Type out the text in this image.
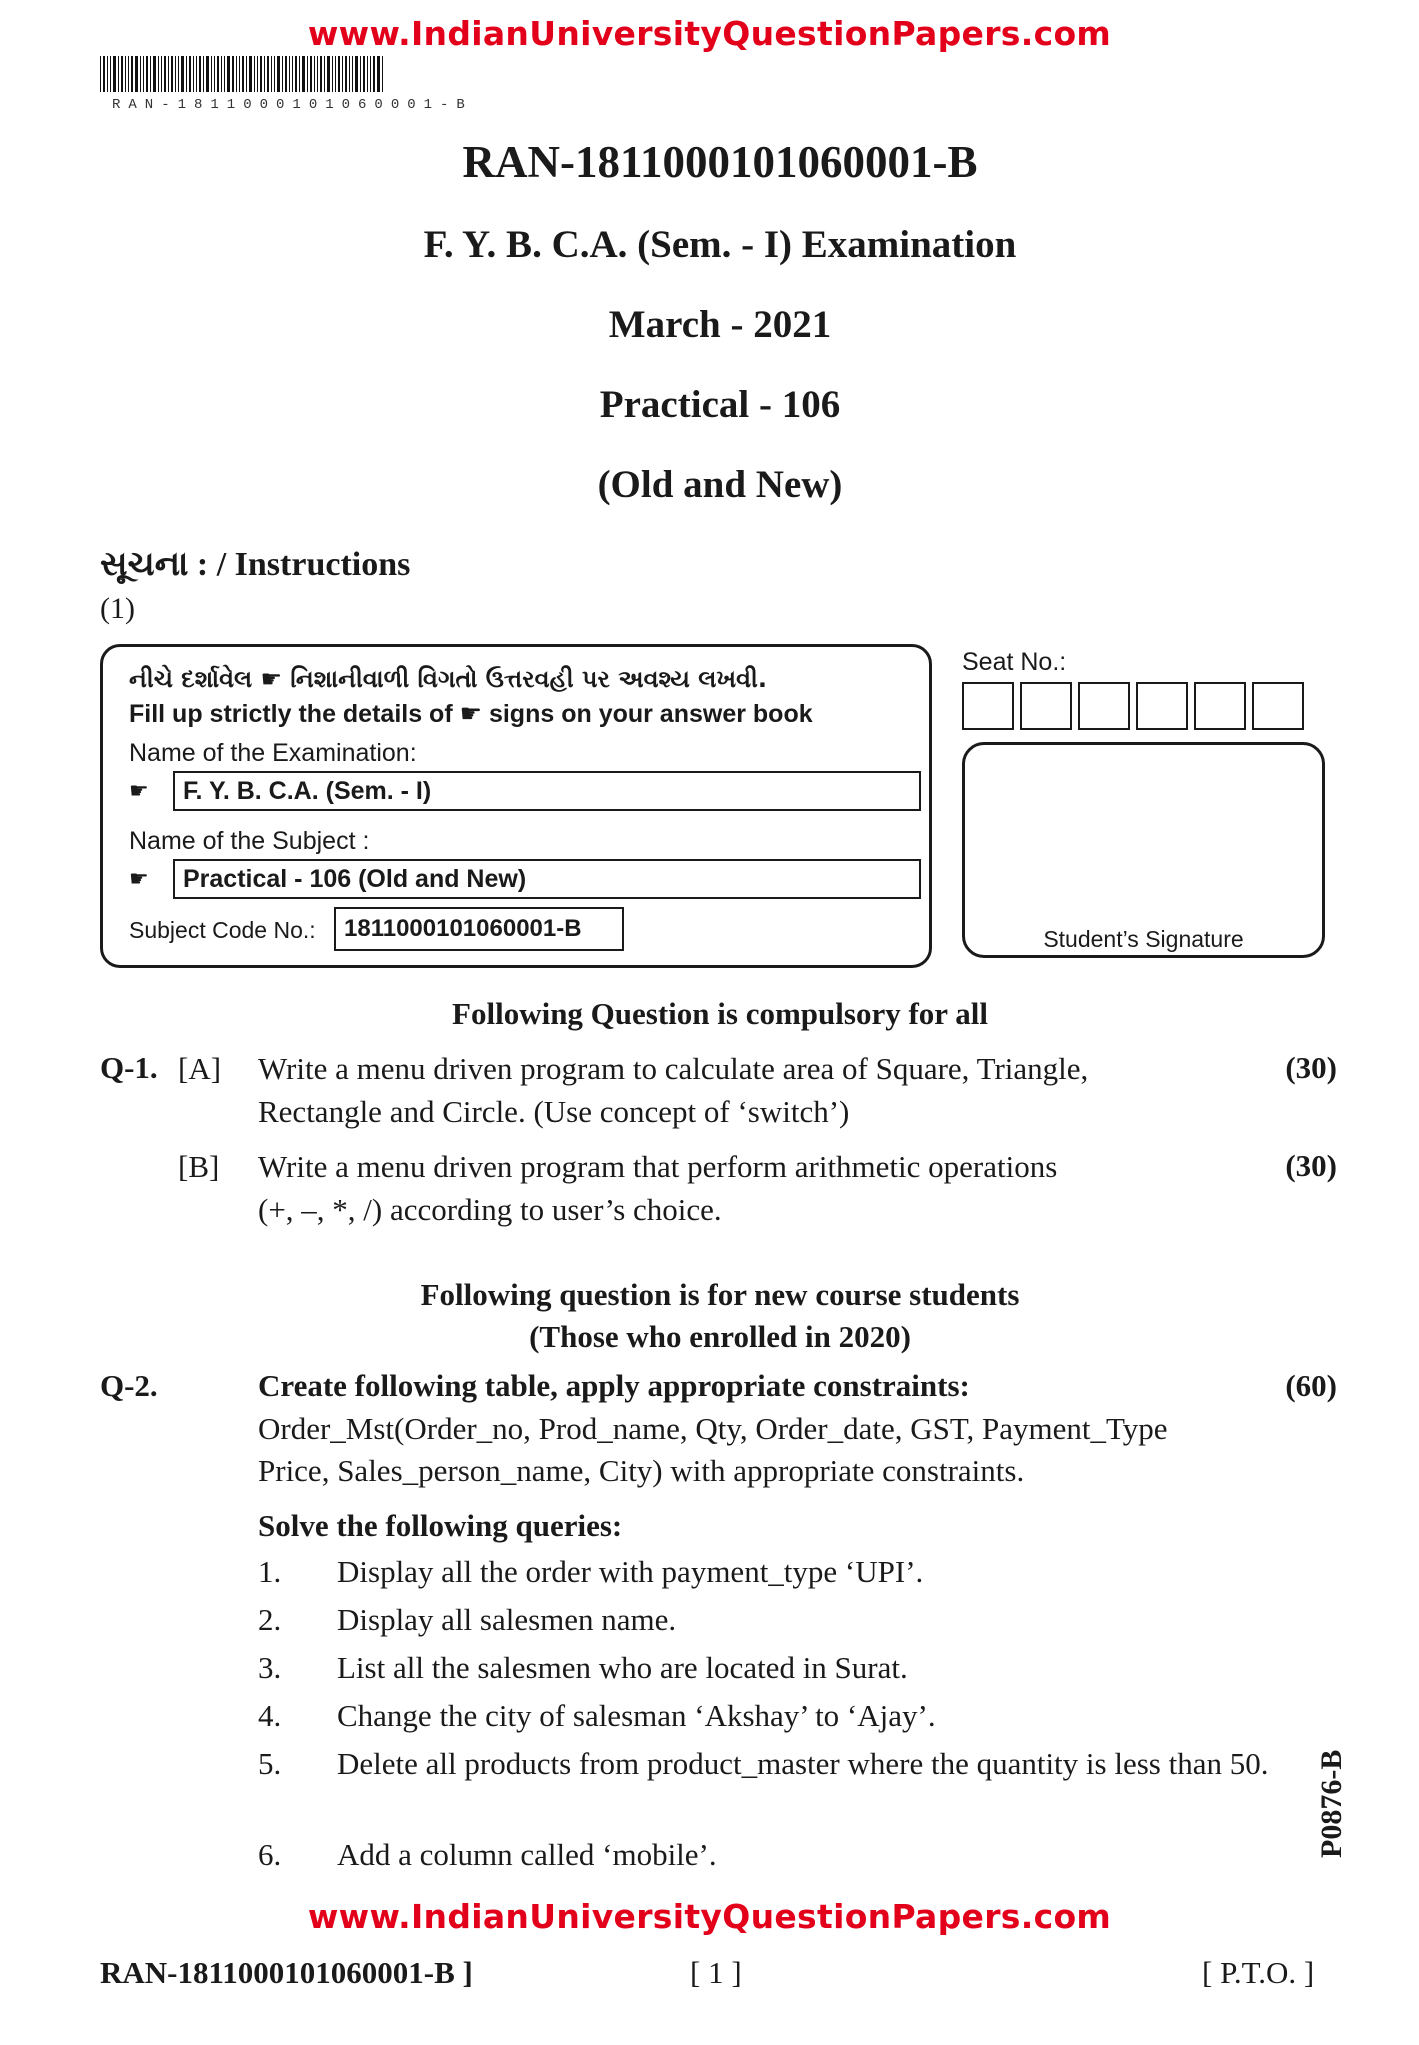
www.IndianUniversityQuestionPapers.com
RAN-1811000101060001-B
RAN-1811000101060001-B
F. Y. B. C.A. (Sem. - I) Examination
March - 2021
Practical - 106
(Old and New)
સૂચના : / Instructions
(1)
નીચે દર્શાવેલ ☛ નિશાનીવાળી વિગતો ઉત્તરવહી પર અવશ્ય લખવી.
Fill up strictly the details of ☛ signs on your answer book
Name of the Examination:
☛	F. Y. B. C.A. (Sem. - I)
Name of the Subject :
☛	Practical - 106 (Old and New)
Subject Code No.:	1811000101060001-B
Seat No.:
Student’s Signature
Following Question is compulsory for all
Q-1. [A] Write a menu driven program to calculate area of Square, Triangle,
Rectangle and Circle. (Use concept of ‘switch’)
(30)
[B] Write a menu driven program that perform arithmetic operations
(+, –, *, /) according to user’s choice.
(30)
Following question is for new course students
(Those who enrolled in 2020)
Q-2.	Create following table, apply appropriate constraints:	(60)
Order_Mst(Order_no, Prod_name, Qty, Order_date, GST, Payment_Type
Price, Sales_person_name, City) with appropriate constraints.
Solve the following queries:
1. Display all the order with payment_type ‘UPI’.
2. Display all salesmen name.
3. List all the salesmen who are located in Surat.
4. Change the city of salesman ‘Akshay’ to ‘Ajay’.
5. Delete all products from product_master where the quantity is less than 50.
6. Add a column called ‘mobile’.
www.IndianUniversityQuestionPapers.com
RAN-1811000101060001-B ]	[ 1 ]	[ P.T.O. ]
P0876-B
